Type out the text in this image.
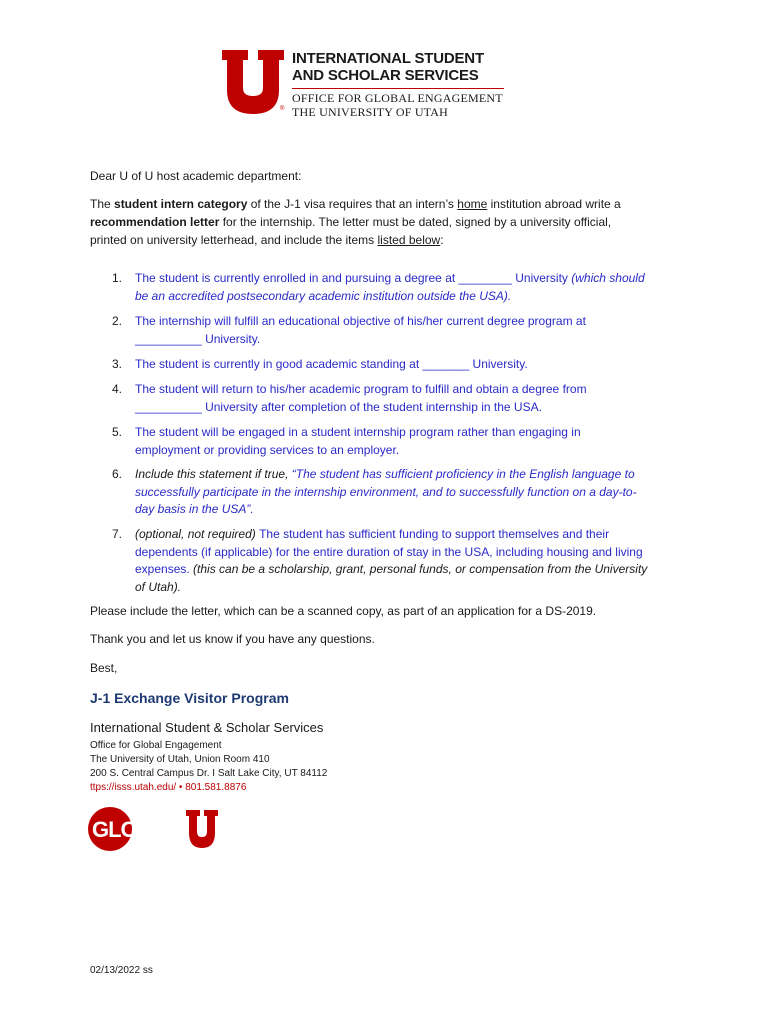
®
INTERNATIONAL STUDENT
AND SCHOLAR SERVICES
OFFICE FOR GLOBAL ENGAGEMENT
THE UNIVERSITY OF UTAH
Dear U of U host academic department:
The student intern category of the J-1 visa requires that an intern’s home institution abroad write a
recommendation letter for the internship. The letter must be dated, signed by a university official,
printed on university letterhead, and include the items listed below:
1. The student is currently enrolled in and pursuing a degree at ________ University (which should
be an accredited postsecondary academic institution outside the USA).
2. The internship will fulfill an educational objective of his/her current degree program at
__________ University.
3. The student is currently in good academic standing at _______ University.
4. The student will return to his/her academic program to fulfill and obtain a degree from
__________ University after completion of the student internship in the USA.
5. The student will be engaged in a student internship program rather than engaging in
employment or providing services to an employer.
6. Include this statement if true, “The student has sufficient proficiency in the English language to
successfully participate in the internship environment, and to successfully function on a day-to-
day basis in the USA”.
7. (optional, not required) The student has sufficient funding to support themselves and their
dependents (if applicable) for the entire duration of stay in the USA, including housing and living
expenses. (this can be a scholarship, grant, personal funds, or compensation from the University
of Utah).
Please include the letter, which can be a scanned copy, as part of an application for a DS-2019.
Thank you and let us know if you have any questions.
Best,
J-1 Exchange Visitor Program
International Student & Scholar Services
Office for Global Engagement
The University of Utah, Union Room 410
200 S. Central Campus Dr. I Salt Lake City, UT 84112
ttps://isss.utah.edu/ • 801.581.8876
GLOBAL
02/13/2022 ss
